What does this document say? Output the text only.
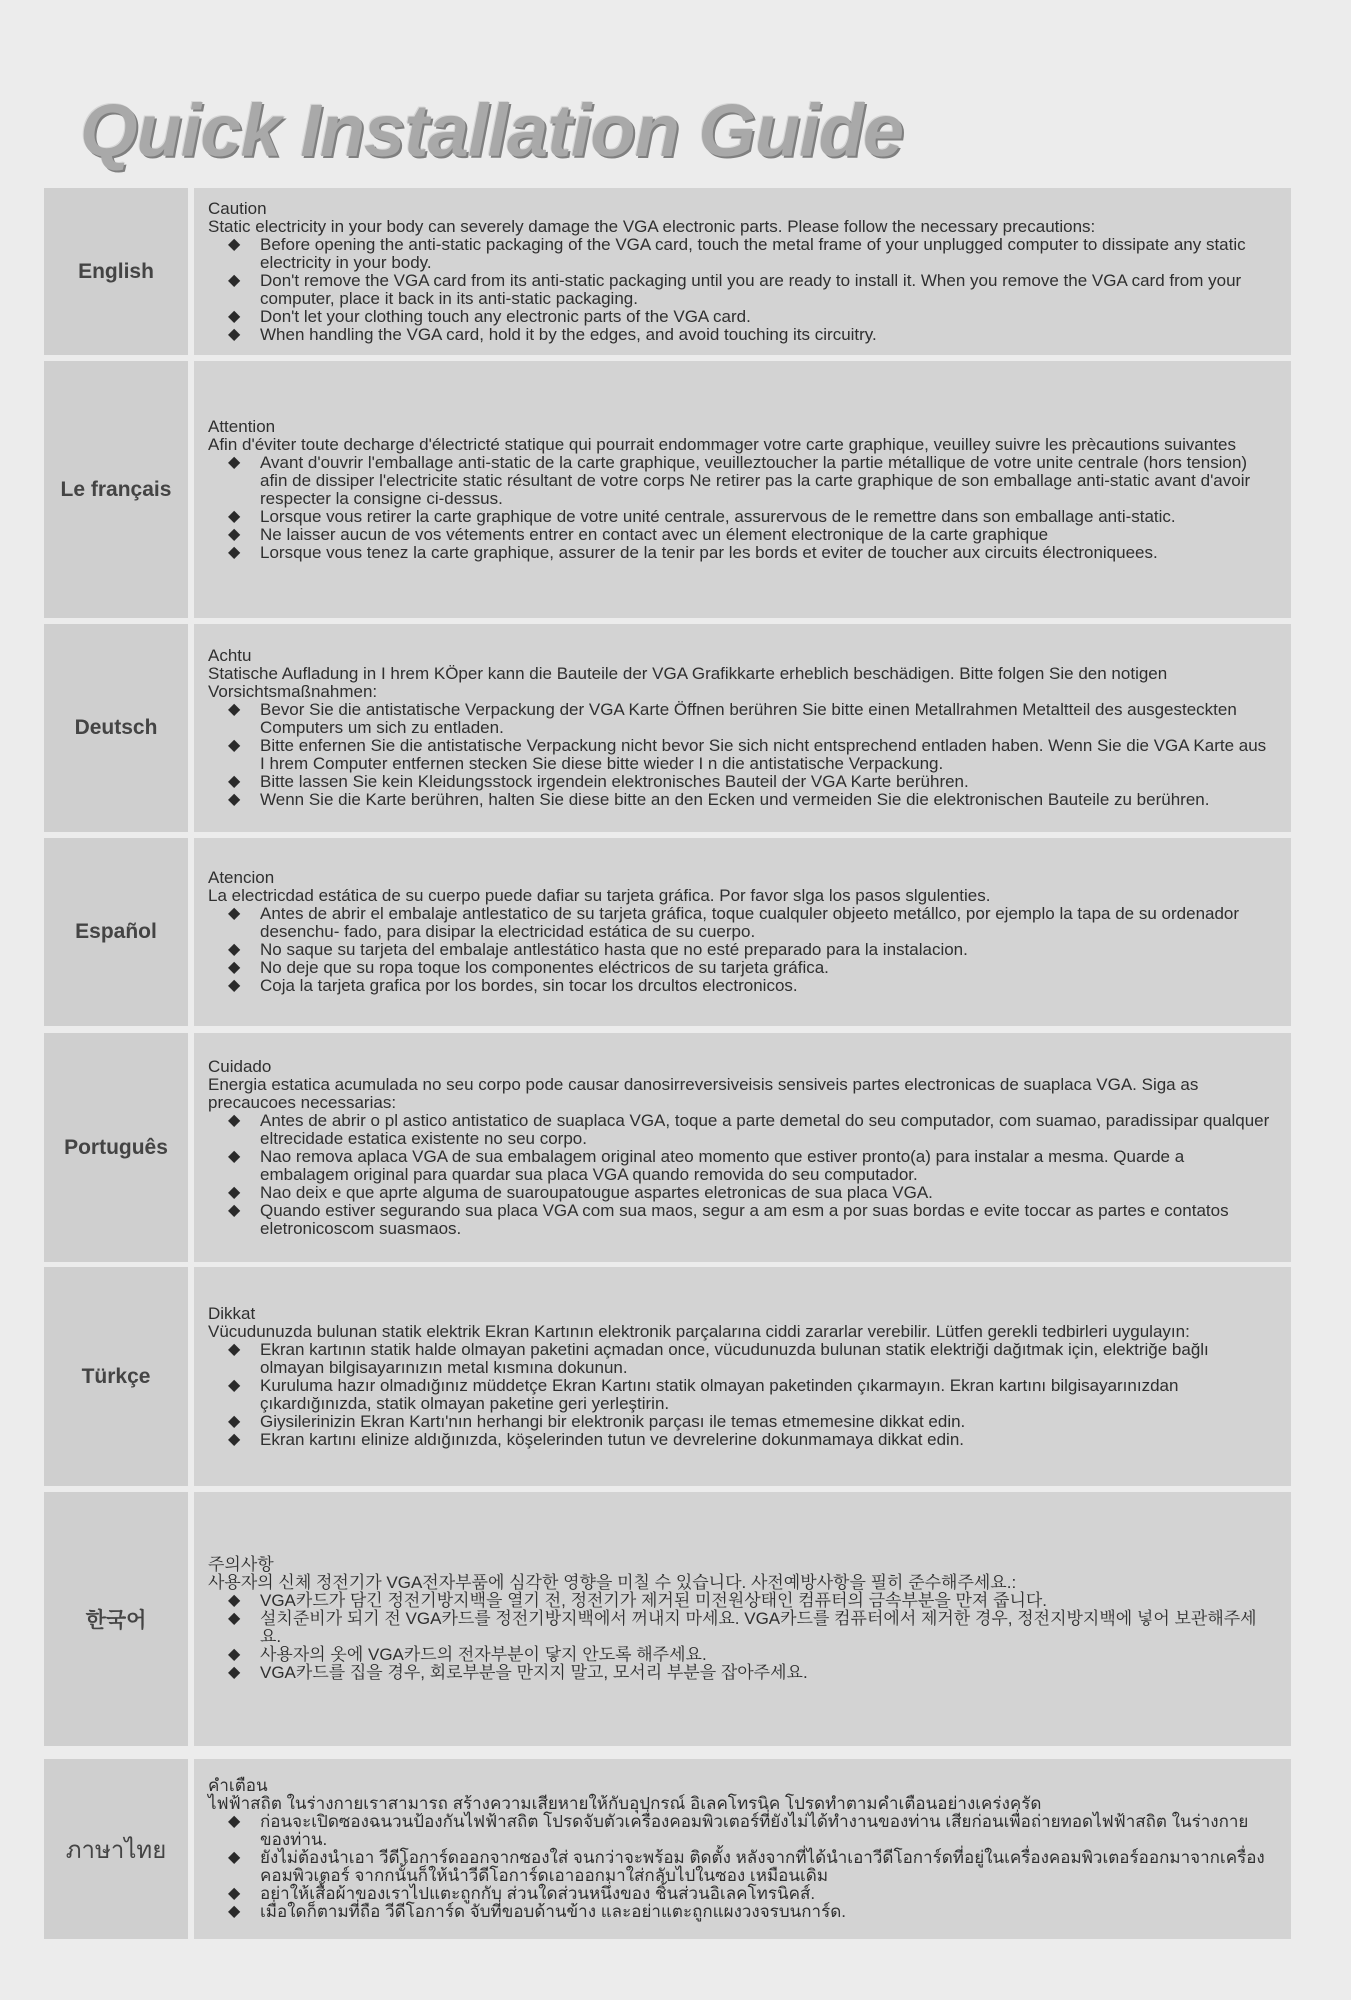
Quick Installation Guide
English

Caution

Static electricity in your body can severely damage the VGA electronic parts. Please follow the necessary precautions:

◆ Before opening the anti-static packaging of the VGA card, touch the metal frame of your unplugged computer to dissipate any static electricity in your body.
◆ Don't remove the VGA card from its anti-static packaging until you are ready to install it. When you remove the VGA card from your computer, place it back in its anti-static packaging.
◆ Don't let your clothing touch any electronic parts of the VGA card.
◆ When handling the VGA card, hold it by the edges, and avoid touching its circuitry.
Le français

Attention

Afin d'éviter toute decharge d'électricté statique qui pourrait endommager votre carte graphique, veuilley suivre les prècautions suivantes

◆ Avant d'ouvrir l'emballage anti-static de la carte graphique, veuilleztoucher la partie métallique de votre unite centrale (hors tension) afin de dissiper l'electricite static résultant de votre corps Ne retirer pas la carte graphique de son emballage anti-static avant d'avoir respecter la consigne ci-dessus.
◆ Lorsque vous retirer la carte graphique de votre unité centrale, assurervous de le remettre dans son emballage anti-static.
◆ Ne laisser aucun de vos vétements entrer en contact avec un élement electronique de la carte graphique
◆ Lorsque vous tenez la carte graphique, assurer de la tenir par les bords et eviter de toucher aux circuits électroniquees.
Deutsch

Achtu

Statische Aufladung in I hrem KÖper kann die Bauteile der VGA Grafikkarte erheblich beschädigen. Bitte folgen Sie den notigen Vorsichtsmaßnahmen:

◆ Bevor Sie die antistatische Verpackung der VGA Karte Öffnen berühren Sie bitte einen Metallrahmen Metaltteil des ausgesteckten Computers um sich zu entladen.
◆ Bitte enfernen Sie die antistatische Verpackung nicht bevor Sie sich nicht entsprechend entladen haben. Wenn Sie die VGA Karte aus I hrem Computer entfernen stecken Sie diese bitte wieder I n die antistatische Verpackung.
◆ Bitte lassen Sie kein Kleidungsstock irgendein elektronisches Bauteil der VGA Karte berühren.
◆ Wenn Sie die Karte berühren, halten Sie diese bitte an den Ecken und vermeiden Sie die elektronischen Bauteile zu berühren.
Español

Atencion

La electricdad estática de su cuerpo puede dafiar su tarjeta gráfica. Por favor slga los pasos slgulenties.

◆ Antes de abrir el embalaje antlestatico de su tarjeta gráfica, toque cualquler objeeto metállco, por ejemplo la tapa de su ordenador desenchu- fado, para disipar la electricidad estática de su cuerpo.
◆ No saque su tarjeta del embalaje antlestático hasta que no esté preparado para la instalacion.
◆ No deje que su ropa toque los componentes eléctricos de su tarjeta gráfica.
◆ Coja la tarjeta grafica por los bordes, sin tocar los drcultos electronicos.
Português

Cuidado

Energia estatica acumulada no seu corpo pode causar danosirreversiveisis sensiveis partes electronicas de suaplaca VGA. Siga as precaucoes necessarias:

◆ Antes de abrir o pl astico antistatico de suaplaca VGA, toque a parte demetal do seu computador, com suamao, paradissipar qualquer eltrecidade estatica existente no seu corpo.
◆ Nao remova aplaca VGA de sua embalagem original ateo momento que estiver pronto(a) para instalar a mesma. Quarde a embalagem original para quardar sua placa VGA quando removida do seu computador.
◆ Nao deix e que aprte alguma de suaroupatougue aspartes eletronicas de sua placa VGA.
◆ Quando estiver segurando sua placa VGA com sua maos, segur a am esm a por suas bordas e evite toccar as partes e contatos eletronicoscom suasmaos.
Türkçe

Dikkat

Vücudunuzda bulunan statik elektrik Ekran Kartının elektronik parçalarına ciddi zararlar verebilir. Lütfen gerekli tedbirleri uygulayın:

◆ Ekran kartının statik halde olmayan paketini açmadan once, vücudunuzda bulunan statik elektriği dağıtmak için, elektriğe bağlı olmayan bilgisayarınızın metal kısmına dokunun.
◆ Kuruluma hazır olmadığınız müddetçe Ekran Kartını statik olmayan paketinden çıkarmayın. Ekran kartını bilgisayarınızdan çıkardığınızda, statik olmayan paketine geri yerleştirin.
◆ Giysilerinizin Ekran Kartı'nın herhangi bir elektronik parçası ile temas etmemesine dikkat edin.
◆ Ekran kartını elinize aldığınızda, köşelerinden tutun ve devrelerine dokunmamaya dikkat edin.
한국어

주의사항

사용자의 신체 정전기가 VGA전자부품에 심각한 영향을 미칠 수 있습니다. 사전예방사항을 필히 준수해주세요.:

◆ VGA카드가 담긴 정전기방지백을 열기 전, 정전기가 제거된 미전원상태인 컴퓨터의 금속부분을 만져 줍니다.
◆ 설치준비가 되기 전 VGA카드를 정전기방지백에서 꺼내지 마세요. VGA카드를 컴퓨터에서 제거한 경우, 정전지방지백에 넣어 보관해주세요.
◆ 사용자의 옷에 VGA카드의 전자부분이 닿지 안도록 해주세요.
◆ VGA카드를 집을 경우, 회로부분을 만지지 말고, 모서리 부분을 잡아주세요.
ภาษาไทย

คำเตือน

ไฟฟ้าสถิต ในร่างกายเราสามารถ สร้างความเสียหายให้กับอุปกรณ์ อิเลคโทรนิค โปรดทำตามคำเตือนอย่างเคร่งครัด

◆ ก่อนจะเปิดซองฉนวนป้องกันไฟฟ้าสถิต โปรดจับตัวเครื่องคอมพิวเตอร์ที่ยังไม่ได้ทำงานของท่าน เสียก่อนเพื่อถ่ายทอดไฟฟ้าสถิต ในร่างกายของท่าน.
◆ ยังไม่ต้องนำเอา วีดีโอการ์ดออกจากซองใส่ จนกว่าจะพร้อม ติดตั้ง หลังจากที่ได้นำเอาวีดีโอการ์ดที่อยู่ในเครื่องคอมพิวเตอร์ออกมาจากเครื่องคอมพิวเตอร์ จากกนั้นก็ให้นำวีดีโอการ์ดเอาออกมาใส่กลับไปในซอง เหมือนเดิม
◆ อย่าให้เสื้อผ้าของเราไปแตะถูกกับ ส่วนใดส่วนหนึ่งของ ชิ้นส่วนอิเลคโทรนิคส์.
◆ เมื่อใดก็ตามที่ถือ วีดีโอการ์ด จับที่ขอบด้านข้าง และอย่าแตะถูกแผงวงจรบนการ์ด.
